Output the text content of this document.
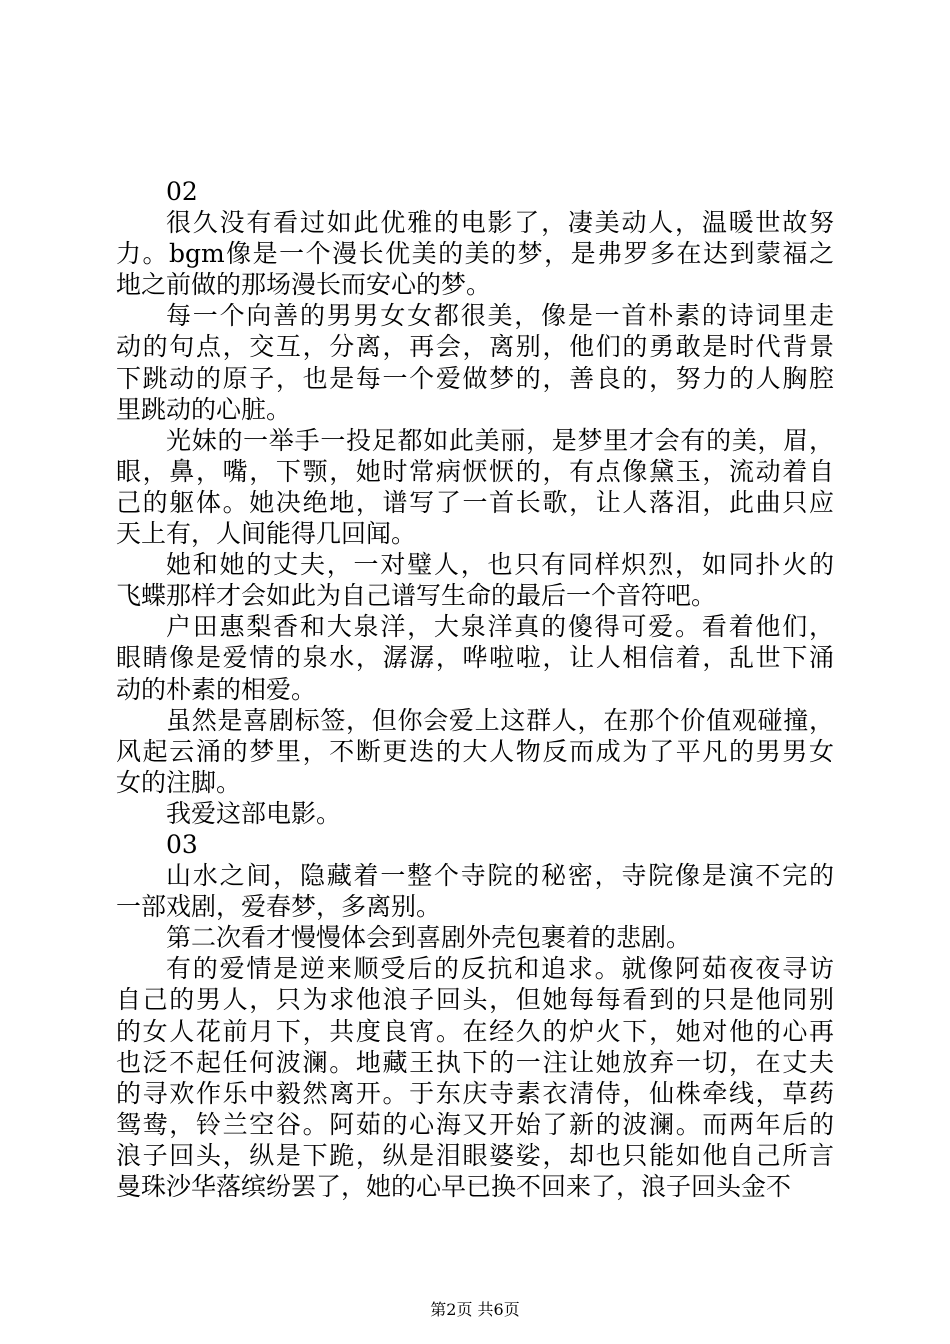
02
很久没有看过如此优雅的电影了，凄美动人，温暖世故努
力。bgm像是一个漫长优美的美的梦，是弗罗多在达到蒙福之
地之前做的那场漫长而安心的梦。
每一个向善的男男女女都很美，像是一首朴素的诗词里走
动的句点，交互，分离，再会，离别，他们的勇敢是时代背景
下跳动的原子，也是每一个爱做梦的，善良的，努力的人胸腔
里跳动的心脏。
光妹的一举手一投足都如此美丽，是梦里才会有的美，眉，
眼，鼻，嘴，下颚，她时常病恹恹的，有点像黛玉，流动着自
己的躯体。她决绝地，谱写了一首长歌，让人落泪，此曲只应
天上有，人间能得几回闻。
她和她的丈夫，一对璧人，也只有同样炽烈，如同扑火的
飞蝶那样才会如此为自己谱写生命的最后一个音符吧。
户田惠梨香和大泉洋，大泉洋真的傻得可爱。看着他们，
眼睛像是爱情的泉水，潺潺，哗啦啦，让人相信着，乱世下涌
动的朴素的相爱。
虽然是喜剧标签，但你会爱上这群人，在那个价值观碰撞，
风起云涌的梦里，不断更迭的大人物反而成为了平凡的男男女
女的注脚。
我爱这部电影。
03
山水之间，隐藏着一整个寺院的秘密，寺院像是演不完的
一部戏剧，爱春梦，多离别。
第二次看才慢慢体会到喜剧外壳包裹着的悲剧。
有的爱情是逆来顺受后的反抗和追求。就像阿茹夜夜寻访
自己的男人，只为求他浪子回头，但她每每看到的只是他同别
的女人花前月下，共度良宵。在经久的炉火下，她对他的心再
也泛不起任何波澜。地藏王执下的一注让她放弃一切，在丈夫
的寻欢作乐中毅然离开。于东庆寺素衣清侍，仙株牵线，草药
鸳鸯，铃兰空谷。阿茹的心海又开始了新的波澜。而两年后的
浪子回头，纵是下跪，纵是泪眼婆娑，却也只能如他自己所言
曼珠沙华落缤纷罢了，她的心早已换不回来了，浪子回头金不
第2页 共6页
